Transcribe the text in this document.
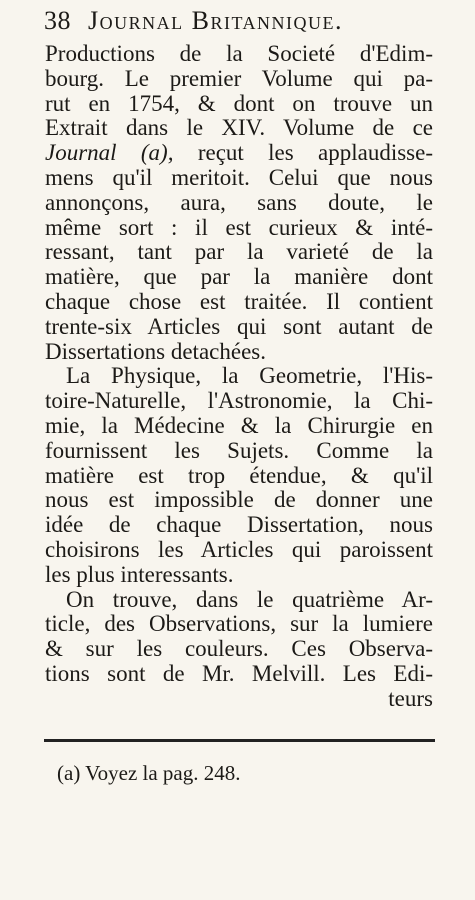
38 Journal Britannique.
Productions de la Societé d'Edim-
bourg. Le premier Volume qui pa-
rut en 1754, & dont on trouve un
Extrait dans le XIV. Volume de ce
Journal (a), reçut les applaudisse-
mens qu'il meritoit. Celui que nous
annonçons, aura, sans doute, le
même sort : il est curieux & inté-
ressant, tant par la varieté de la
matière, que par la manière dont
chaque chose est traitée. Il contient
trente-six Articles qui sont autant de
Dissertations detachées.
La Physique, la Geometrie, l'His-
toire-Naturelle, l'Astronomie, la Chi-
mie, la Médecine & la Chirurgie en
fournissent les Sujets. Comme la
matière est trop étendue, & qu'il
nous est impossible de donner une
idée de chaque Dissertation, nous
choisirons les Articles qui paroissent
les plus interessants.
On trouve, dans le quatrième Ar-
ticle, des Observations, sur la lumiere
& sur les couleurs. Ces Observa-
tions sont de Mr. Melvill. Les Edi-
teurs
(a) Voyez la pag. 248.
